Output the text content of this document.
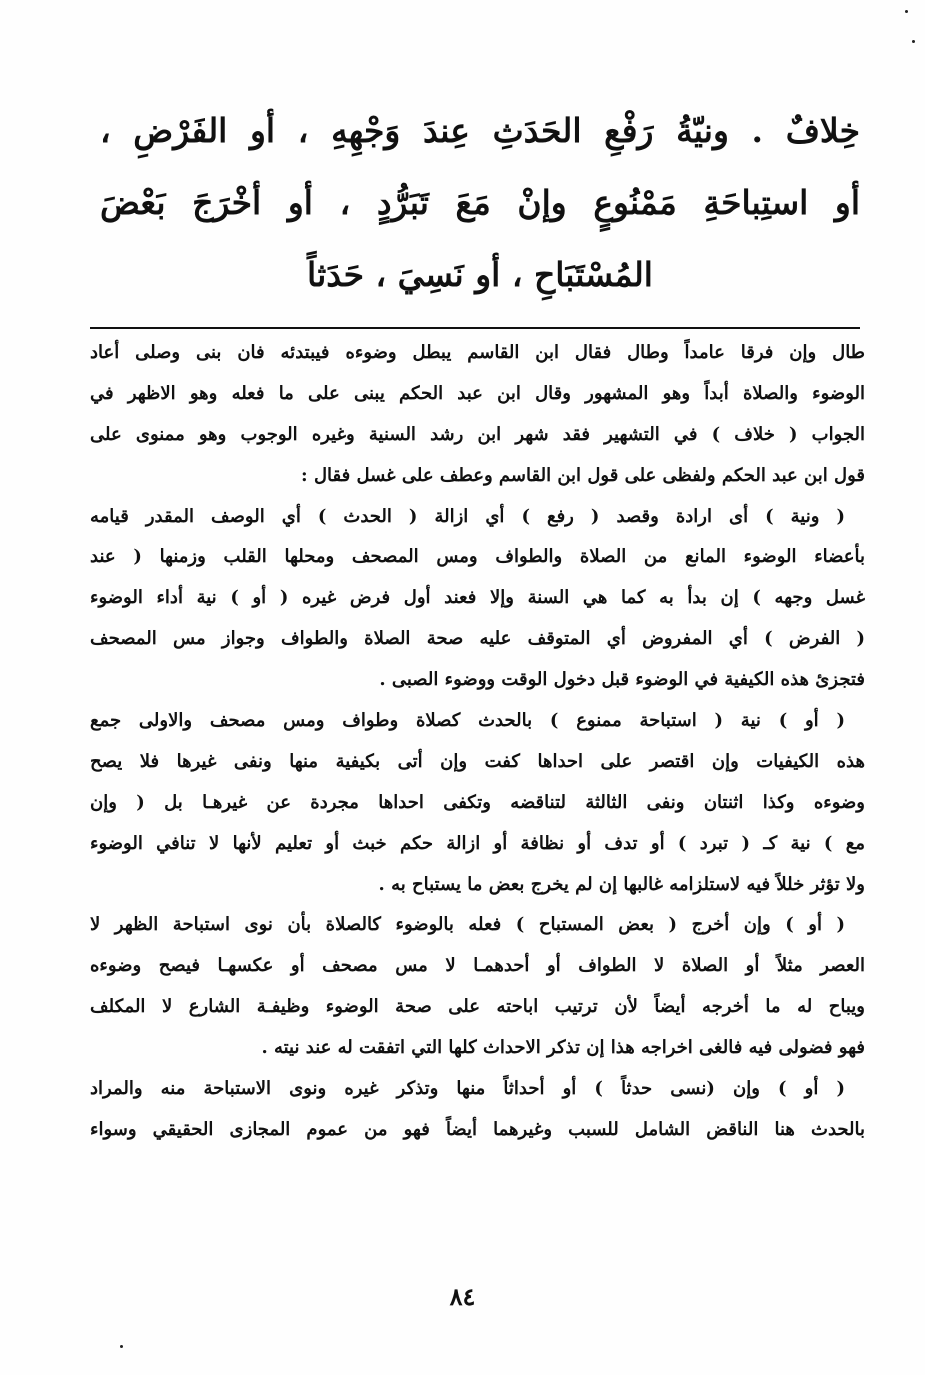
خِلافٌ . ونيّةُ رَفْعِ الحَدَثِ عِندَ وَجْهِهِ ، أو الفَرْضِ ،
أو استِباحَةِ مَمْنُوعٍ وإنْ مَعَ تَبَرُّدٍ ، أو أخْرَجَ بَعْضَ
المُسْتَبَاحِ ، أو نَسِيَ ، حَدَثاً
طال وإن فرقا عامداً وطال فقال ابن القاسم يبطل وضوءه فيبتدئه فان بنى وصلى أعاد
الوضوء والصلاة أبداً وهو المشهور وقال ابن عبد الحكم يبنى على ما فعله وهو الاظهر في
الجواب ( خلاف ) في التشهير فقد شهر ابن رشد السنية وغيره الوجوب وهو ممنوى على
قول ابن عبد الحكم ولفظى على قول ابن القاسم وعطف على غسل فقال :
( ونية ) أى ارادة وقصد ( رفع ) أي ازالة ( الحدث ) أي الوصف المقدر قيامه
بأعضاء الوضوء المانع من الصلاة والطواف ومس المصحف ومحلها القلب وزمنها ( عند
غسل وجهه ) إن بدأ به كما هي السنة وإلا فعند أول فرض غيره ( أو ) نية أداء الوضوء
( الفرض ) أي المفروض أي المتوقف عليه صحة الصلاة والطواف وجواز مس المصحف
فتجزئ هذه الكيفية في الوضوء قبل دخول الوقت ووضوء الصبى .
( أو ) نية ( استباحة ممنوع ) بالحدث كصلاة وطواف ومس مصحف والاولى جمع
هذه الكيفيات وإن اقتصر على احداها كفت وإن أتى بكيفية منها ونفى غيرها فلا يصح
وضوءه وكذا اثنتان ونفى الثالثة لتناقضه وتكفى احداها مجردة عن غيرهـا بل ( وإن
مع ) نية كـ ( تبرد ) أو تدف أو نظافة أو ازالة حكم خبث أو تعليم لأنها لا تنافي الوضوء
ولا تؤثر خللاً فيه لاستلزامه غالبها إن لم يخرج بعض ما يستباح به .
( أو ) وإن أخرج ( بعض المستباح ) فعله بالوضوء كالصلاة بأن نوى استباحة الظهر لا
العصر مثلاً أو الصلاة لا الطواف أو أحدهمـا لا مس مصحف أو عكسهـا فيصح وضوءه
ويباح له ما أخرجه أيضاً لأن ترتيب اباحته على صحة الوضوء وظيفـة الشارع لا المكلف
فهو فضولى فيه فالغى اخراجه هذا إن تذكر الاحداث كلها التي اتفقت له عند نيته .
( أو ) وإن (نسى حدثاً ) أو أحداثاً منها وتذكر غيره ونوى الاستباحة منه والمراد
بالحدث هنا الناقض الشامل للسبب وغيرهما أيضاً فهو من عموم المجازى الحقيقي وسواء
٨٤
